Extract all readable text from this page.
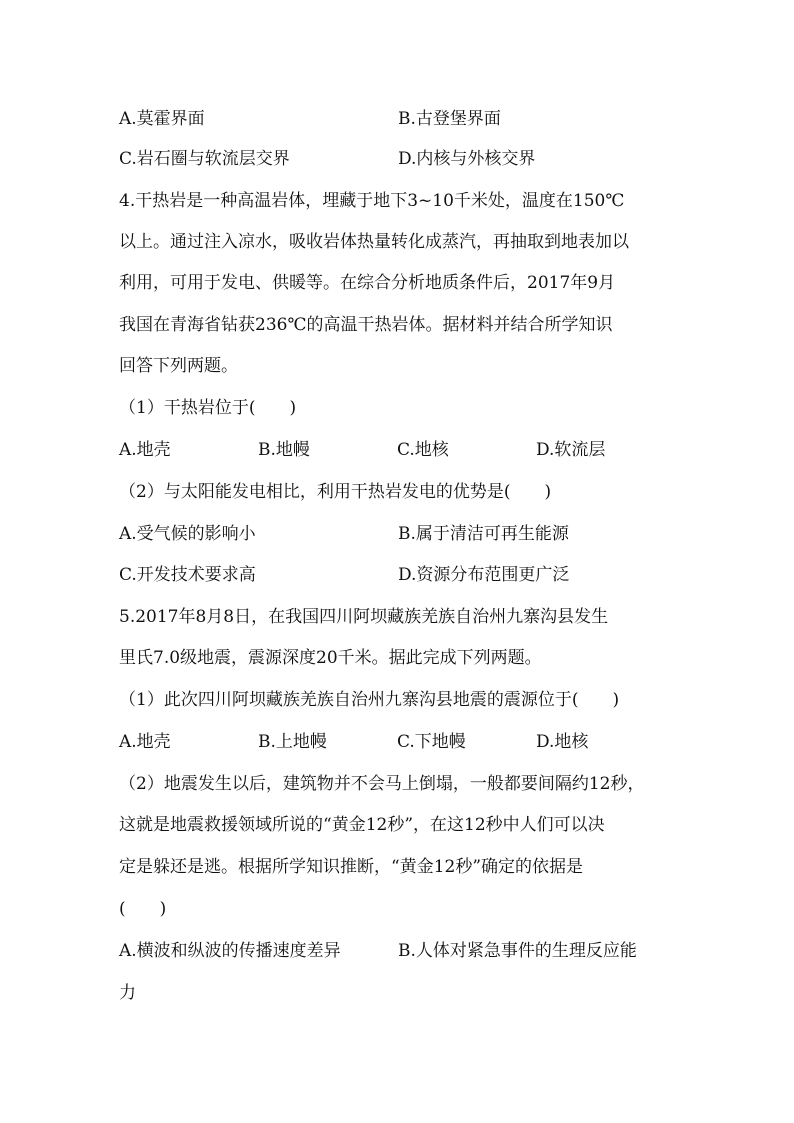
A.莫霍界面	B.古登堡界面
C.岩石圈与软流层交界	D.内核与外核交界
4.干热岩是一种高温岩体，埋藏于地下3~10千米处，温度在150℃
以上。通过注入凉水，吸收岩体热量转化成蒸汽，再抽取到地表加以
利用，可用于发电、供暖等。在综合分析地质条件后，2017年9月
我国在青海省钻获236℃的高温干热岩体。据材料并结合所学知识
回答下列两题。
（1）干热岩位于(　　)
A.地壳	B.地幔	C.地核	D.软流层
（2）与太阳能发电相比，利用干热岩发电的优势是(　　)
A.受气候的影响小	B.属于清洁可再生能源
C.开发技术要求高	D.资源分布范围更广泛
5.2017年8月8日，在我国四川阿坝藏族羌族自治州九寨沟县发生
里氏7.0级地震，震源深度20千米。据此完成下列两题。
（1）此次四川阿坝藏族羌族自治州九寨沟县地震的震源位于(　　)
A.地壳	B.上地幔	C.下地幔	D.地核
（2）地震发生以后，建筑物并不会马上倒塌，一般都要间隔约12秒，
这就是地震救援领域所说的“黄金12秒”，在这12秒中人们可以决
定是躲还是逃。根据所学知识推断，“黄金12秒”确定的依据是
(　　)
A.横波和纵波的传播速度差异	B.人体对紧急事件的生理反应能
力
